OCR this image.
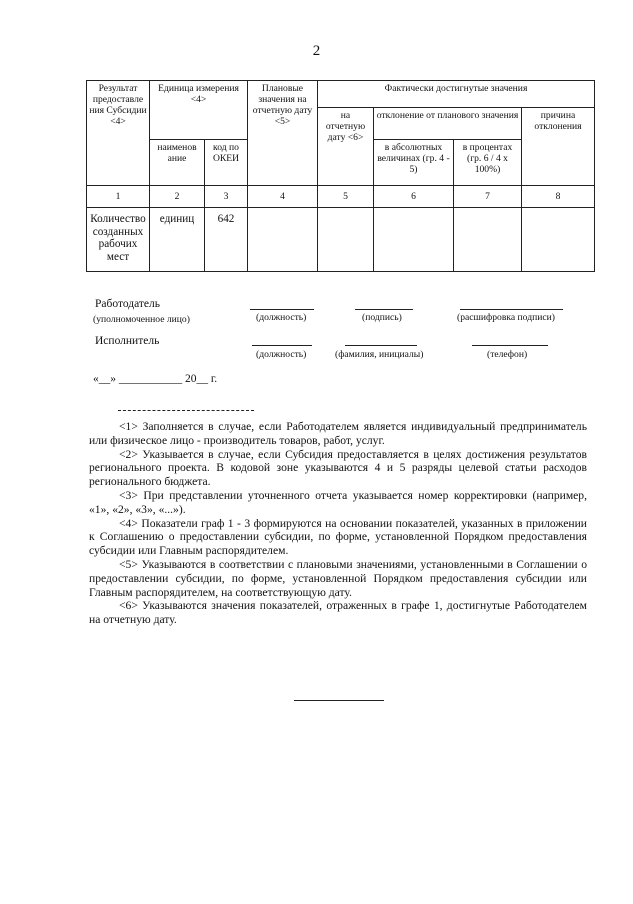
2
Результат предоставле ния Субсидии <4>	Единица измерения <4>		Плановые значения на отчетную дату <5>	Фактически достигнутые значения			
				на отчетную дату <6>	отклонение от планового значения		причина отклонения
	наименов ание	код по ОКЕИ			в абсолютных величинах (гр. 4 - 5)	в процентах (гр. 6 / 4 x 100%)	
1	2	3	4	5	6	7	8
Количество созданных рабочих мест	единиц	642					
Работодатель
(уполномоченное лицо)	(должность)	(подпись)	(расшифровка подписи)
Исполнитель
(должность)	(фамилия, инициалы)	(телефон)
«__» ___________ 20__ г.

<1> Заполняется в случае, если Работодателем является индивидуальный предприниматель или физическое лицо - производитель товаров, работ, услуг.

<2> Указывается в случае, если Субсидия предоставляется в целях достижения результатов регионального проекта. В кодовой зоне указываются 4 и 5 разряды целевой статьи расходов регионального бюджета.

<3> При представлении уточненного отчета указывается номер корректировки (например, «1», «2», «3», «...»).

<4> Показатели граф 1 - 3 формируются на основании показателей, указанных в приложении к Соглашению о предоставлении субсидии, по форме, установленной Порядком предоставления субсидии или Главным распорядителем.

<5> Указываются в соответствии с плановыми значениями, установленными в Соглашении о предоставлении субсидии, по форме, установленной Порядком предоставления субсидии или Главным распорядителем, на соответствующую дату.

<6> Указываются значения показателей, отраженных в графе 1, достигнутые Работодателем на отчетную дату.
